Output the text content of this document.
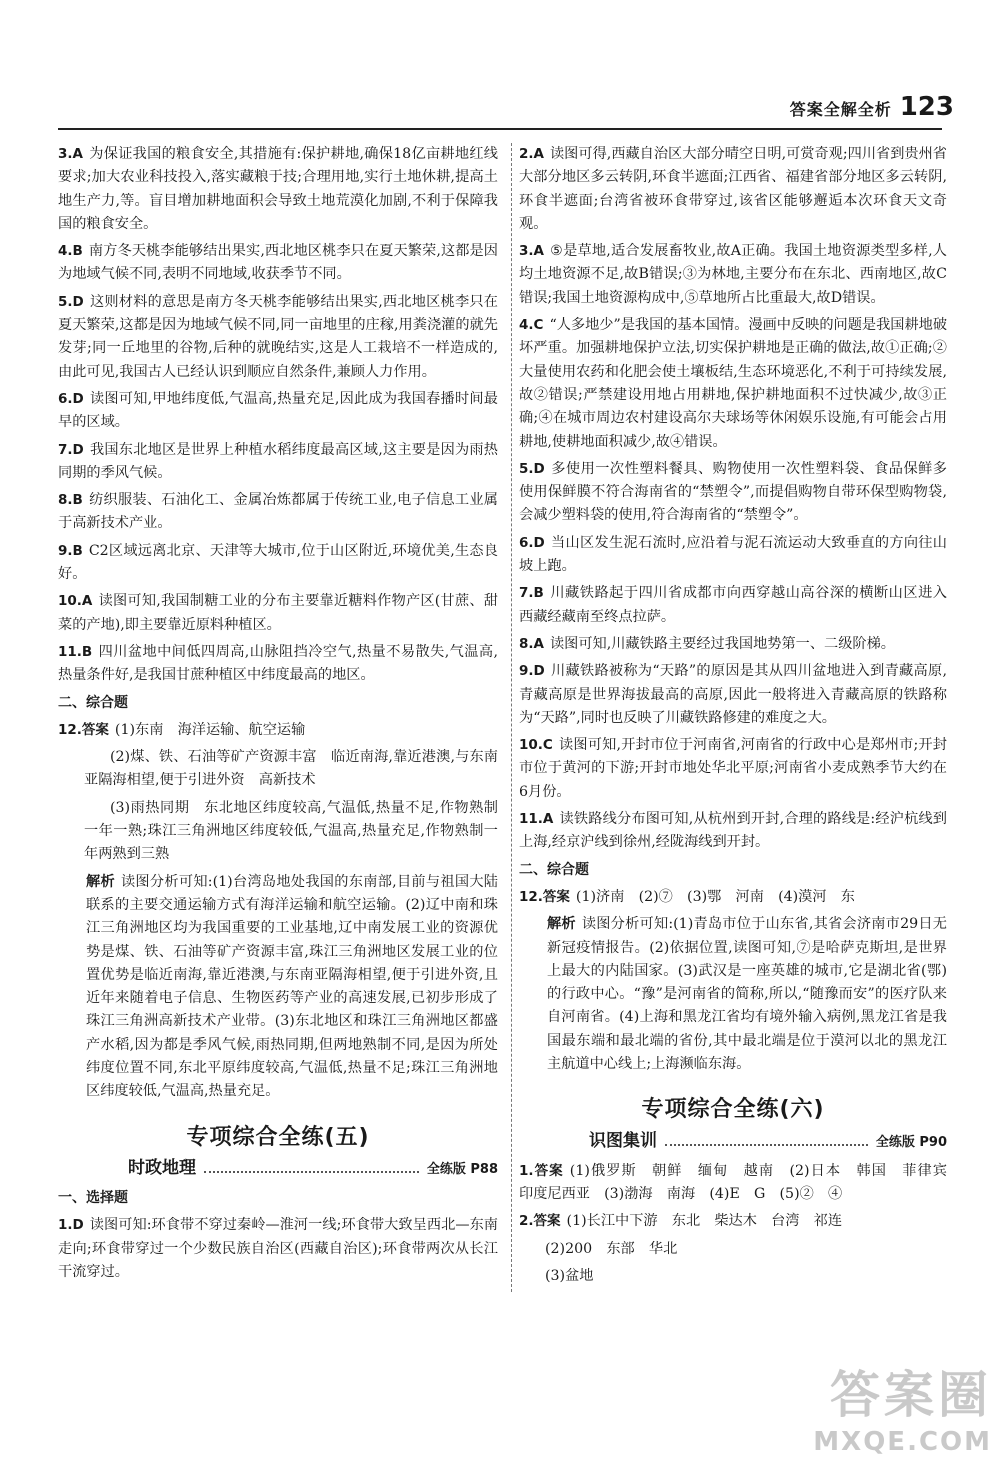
答案全解全析 123
3.A 为保证我国的粮食安全,其措施有:保护耕地,确保18亿亩耕地红线要求;加大农业科技投入,落实藏粮于技;合理用地,实行土地休耕,提高土地生产力,等。盲目增加耕地面积会导致土地荒漠化加剧,不利于保障我国的粮食安全。
4.B 南方冬天桃李能够结出果实,西北地区桃李只在夏天繁荣,这都是因为地域气候不同,表明不同地域,收获季节不同。
5.D 这则材料的意思是南方冬天桃李能够结出果实,西北地区桃李只在夏天繁荣,这都是因为地域气候不同,同一亩地里的庄稼,用粪浇灌的就先发芽;同一丘地里的谷物,后种的就晚结实,这是人工栽培不一样造成的,由此可见,我国古人已经认识到顺应自然条件,兼顾人力作用。
6.D 读图可知,甲地纬度低,气温高,热量充足,因此成为我国春播时间最早的区域。
7.D 我国东北地区是世界上种植水稻纬度最高区域,这主要是因为雨热同期的季风气候。
8.B 纺织服装、石油化工、金属冶炼都属于传统工业,电子信息工业属于高新技术产业。
9.B C2区域远离北京、天津等大城市,位于山区附近,环境优美,生态良好。
10.A 读图可知,我国制糖工业的分布主要靠近糖料作物产区(甘蔗、甜菜的产地),即主要靠近原料种植区。
11.B 四川盆地中间低四周高,山脉阻挡冷空气,热量不易散失,气温高,热量条件好,是我国甘蔗种植区中纬度最高的地区。
二、综合题
12.答案 (1)东南　海洋运输、航空运输
(2)煤、铁、石油等矿产资源丰富　临近南海,靠近港澳,与东南亚隔海相望,便于引进外资　高新技术
(3)雨热同期　东北地区纬度较高,气温低,热量不足,作物熟制一年一熟;珠江三角洲地区纬度较低,气温高,热量充足,作物熟制一年两熟到三熟
解析 读图分析可知:(1)台湾岛地处我国的东南部,目前与祖国大陆联系的主要交通运输方式有海洋运输和航空运输。(2)辽中南和珠江三角洲地区均为我国重要的工业基地,辽中南发展工业的资源优势是煤、铁、石油等矿产资源丰富,珠江三角洲地区发展工业的位置优势是临近南海,靠近港澳,与东南亚隔海相望,便于引进外资,且近年来随着电子信息、生物医药等产业的高速发展,已初步形成了珠江三角洲高新技术产业带。(3)东北地区和珠江三角洲地区都盛产水稻,因为都是季风气候,雨热同期,但两地熟制不同,是因为所处纬度位置不同,东北平原纬度较高,气温低,热量不足;珠江三角洲地区纬度较低,气温高,热量充足。
专项综合全练(五)
时政地理	全练版 P88
一、选择题
1.D 读图可知:环食带不穿过秦岭—淮河一线;环食带大致呈西北—东南走向;环食带穿过一个少数民族自治区(西藏自治区);环食带两次从长江干流穿过。
2.A 读图可得,西藏自治区大部分晴空日明,可赏奇观;四川省到贵州省大部分地区多云转阴,环食半遮面;江西省、福建省部分地区多云转阴,环食半遮面;台湾省被环食带穿过,该省区能够邂逅本次环食天文奇观。
3.A ⑤是草地,适合发展畜牧业,故A正确。我国土地资源类型多样,人均土地资源不足,故B错误;③为林地,主要分布在东北、西南地区,故C错误;我国土地资源构成中,⑤草地所占比重最大,故D错误。
4.C “人多地少”是我国的基本国情。漫画中反映的问题是我国耕地破坏严重。加强耕地保护立法,切实保护耕地是正确的做法,故①正确;②大量使用农药和化肥会使土壤板结,生态环境恶化,不利于可持续发展,故②错误;严禁建设用地占用耕地,保护耕地面积不过快减少,故③正确;④在城市周边农村建设高尔夫球场等休闲娱乐设施,有可能会占用耕地,使耕地面积减少,故④错误。
5.D 多使用一次性塑料餐具、购物使用一次性塑料袋、食品保鲜多使用保鲜膜不符合海南省的“禁塑令”,而提倡购物自带环保型购物袋,会减少塑料袋的使用,符合海南省的“禁塑令”。
6.D 当山区发生泥石流时,应沿着与泥石流运动大致垂直的方向往山坡上跑。
7.B 川藏铁路起于四川省成都市向西穿越山高谷深的横断山区进入西藏经藏南至终点拉萨。
8.A 读图可知,川藏铁路主要经过我国地势第一、二级阶梯。
9.D 川藏铁路被称为“天路”的原因是其从四川盆地进入到青藏高原,青藏高原是世界海拔最高的高原,因此一般将进入青藏高原的铁路称为“天路”,同时也反映了川藏铁路修建的难度之大。
10.C 读图可知,开封市位于河南省,河南省的行政中心是郑州市;开封市位于黄河的下游;开封市地处华北平原;河南省小麦成熟季节大约在6月份。
11.A 读铁路线分布图可知,从杭州到开封,合理的路线是:经沪杭线到上海,经京沪线到徐州,经陇海线到开封。
二、综合题
12.答案 (1)济南　(2)⑦　(3)鄂　河南　(4)漠河　东
解析 读图分析可知:(1)青岛市位于山东省,其省会济南市29日无新冠疫情报告。(2)依据位置,读图可知,⑦是哈萨克斯坦,是世界上最大的内陆国家。(3)武汉是一座英雄的城市,它是湖北省(鄂)的行政中心。“豫”是河南省的简称,所以,“随豫而安”的医疗队来自河南省。(4)上海和黑龙江省均有境外输入病例,黑龙江省是我国最东端和最北端的省份,其中最北端是位于漠河以北的黑龙江主航道中心线上;上海濒临东海。
专项综合全练(六)
识图集训	全练版 P90
1.答案 (1)俄罗斯　朝鲜　缅甸　越南　(2)日本　韩国　菲律宾　印度尼西亚　(3)渤海　南海　(4)E　G　(5)②　④
2.答案 (1)长江中下游　东北　柴达木　台湾　祁连
(2)200　东部　华北
(3)盆地
答案圈
MXQE.COM
